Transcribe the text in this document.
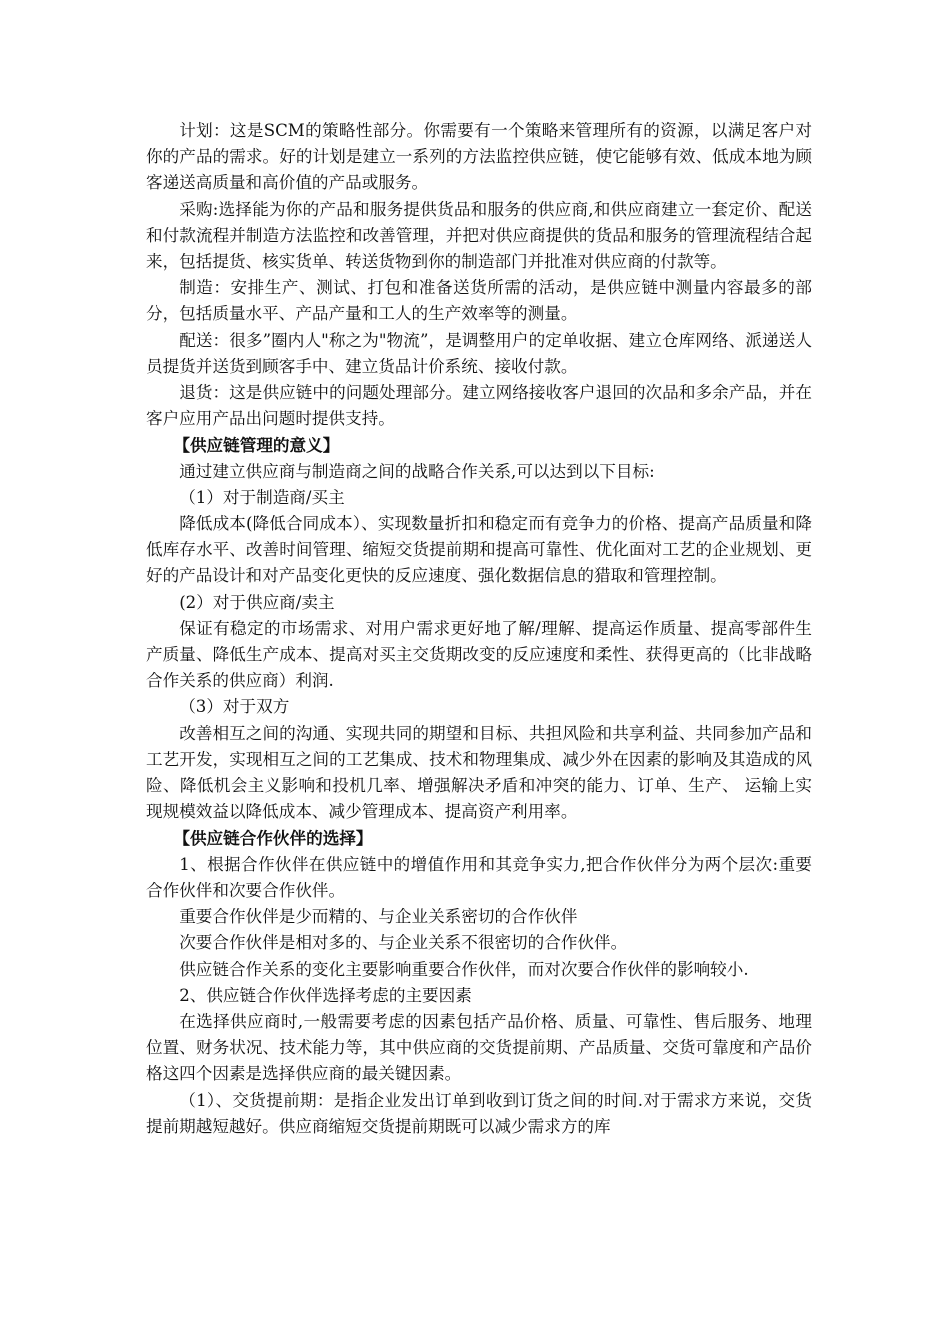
计划：这是SCM的策略性部分。你需要有一个策略来管理所有的资源，以满足客户对你的产品的需求。好的计划是建立一系列的方法监控供应链，使它能够有效、低成本地为顾客递送高质量和高价值的产品或服务。

采购:选择能为你的产品和服务提供货品和服务的供应商,和供应商建立一套定价、配送和付款流程并制造方法监控和改善管理，并把对供应商提供的货品和服务的管理流程结合起来，包括提货、核实货单、转送货物到你的制造部门并批准对供应商的付款等。

制造：安排生产、测试、打包和准备送货所需的活动，是供应链中测量内容最多的部分，包括质量水平、产品产量和工人的生产效率等的测量。

配送：很多”圈内人"称之为"物流”，是调整用户的定单收据、建立仓库网络、派递送人员提货并送货到顾客手中、建立货品计价系统、接收付款。

退货：这是供应链中的问题处理部分。建立网络接收客户退回的次品和多余产品，并在客户应用产品出问题时提供支持。

【供应链管理的意义】

通过建立供应商与制造商之间的战略合作关系,可以达到以下目标:

（1）对于制造商/买主

降低成本(降低合同成本）、实现数量折扣和稳定而有竞争力的价格、提高产品质量和降低库存水平、改善时间管理、缩短交货提前期和提高可靠性、优化面对工艺的企业规划、更好的产品设计和对产品变化更快的反应速度、强化数据信息的猎取和管理控制。

(2）对于供应商/卖主

保证有稳定的市场需求、对用户需求更好地了解/理解、提高运作质量、提高零部件生产质量、降低生产成本、提高对买主交货期改变的反应速度和柔性、获得更高的（比非战略合作关系的供应商）利润.

（3）对于双方

改善相互之间的沟通、实现共同的期望和目标、共担风险和共享利益、共同参加产品和工艺开发，实现相互之间的工艺集成、技术和物理集成、减少外在因素的影响及其造成的风险、降低机会主义影响和投机几率、增强解决矛盾和冲突的能力、订单、生产、 运输上实现规模效益以降低成本、减少管理成本、提高资产利用率。

【供应链合作伙伴的选择】

1、根据合作伙伴在供应链中的增值作用和其竞争实力,把合作伙伴分为两个层次:重要合作伙伴和次要合作伙伴。

重要合作伙伴是少而精的、与企业关系密切的合作伙伴

次要合作伙伴是相对多的、与企业关系不很密切的合作伙伴。

供应链合作关系的变化主要影响重要合作伙伴，而对次要合作伙伴的影响较小.

2、供应链合作伙伴选择考虑的主要因素

在选择供应商时,一般需要考虑的因素包括产品价格、质量、可靠性、售后服务、地理位置、财务状况、技术能力等，其中供应商的交货提前期、产品质量、交货可靠度和产品价格这四个因素是选择供应商的最关键因素。

（1）、交货提前期：是指企业发出订单到收到订货之间的时间.对于需求方来说，交货提前期越短越好。供应商缩短交货提前期既可以减少需求方的库
